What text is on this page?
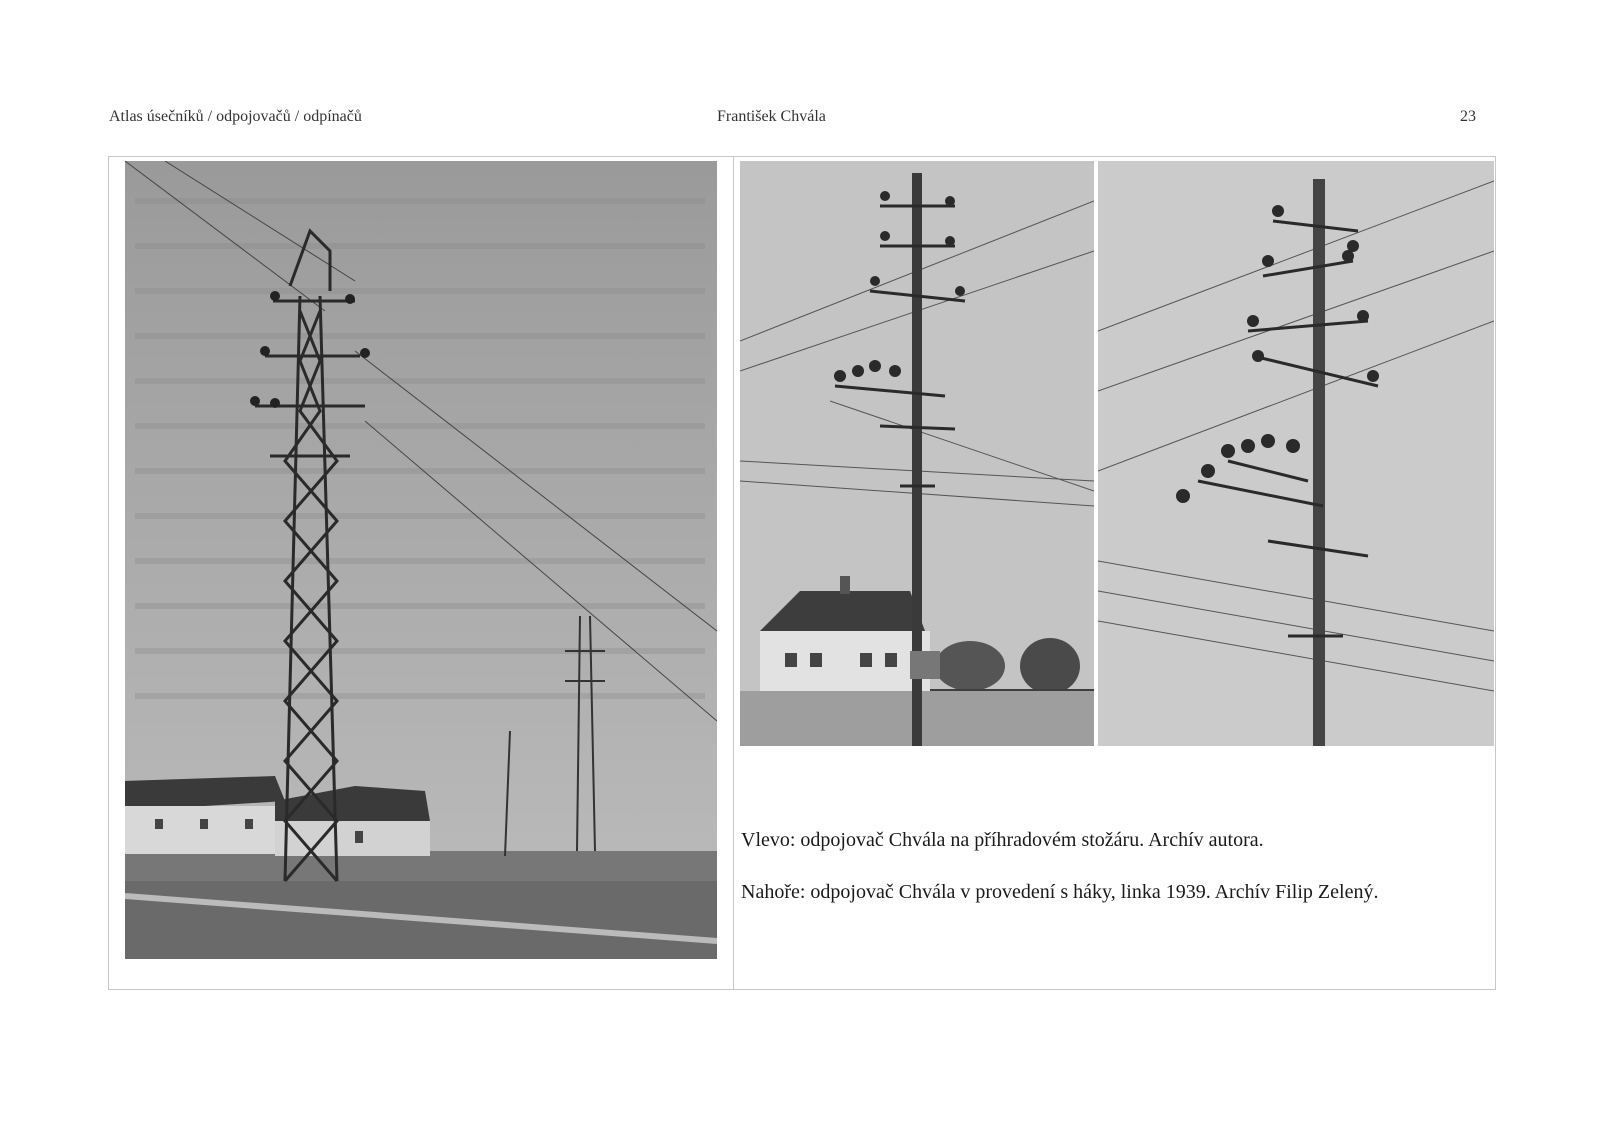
Atlas úsečníků / odpojovačů / odpínačů	František Chvála	23
Vlevo: odpojovač Chvála na příhradovém stožáru. Archív autora.
Nahoře: odpojovač Chvála v provedení s háky, linka 1939. Archív Filip Zelený.
